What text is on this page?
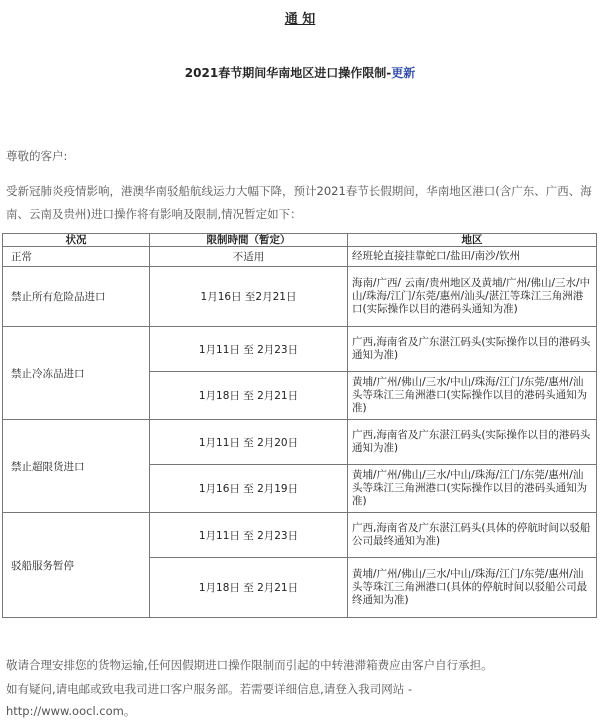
通 知
2021春节期间华南地区进口操作限制-更新
尊敬的客户:
受新冠肺炎疫情影响，港澳华南驳船航线运力大幅下降，预计2021春节长假期间，华南地区港口(含广东、广西、海南、云南及贵州)进口操作将有影响及限制,情况暂定如下：
状况	限制時間（暂定）	地区
正常	不适用	经班轮直接挂靠蛇口/盐田/南沙/钦州
禁止所有危险品进口	1月16日 至2月21日	海南/广西/ 云南/贵州地区及黄埔/广州/佛山/三水/中山/珠海/江门/东莞/惠州/汕头/湛江等珠江三角洲港口(实际操作以目的港码头通知为准)
禁止冷冻品进口	1月11日 至 2月23日	广西,海南省及广东湛江码头(实际操作以目的港码头通知为准)
	1月18日 至 2月21日	黄埔/广州/佛山/三水/中山/珠海/江门/东莞/惠州/汕头等珠江三角洲港口(实际操作以目的港码头通知为准)
禁止超限货进口	1月11日 至 2月20日	广西,海南省及广东湛江码头(实际操作以目的港码头通知为准)
	1月16日 至 2月19日	黄埔/广州/佛山/三水/中山/珠海/江门/东莞/惠州/汕头等珠江三角洲港口(实际操作以目的港码头通知为准)
驳船服务暂停	1月11日 至 2月23日	广西,海南省及广东湛江码头(具体的停航时间以驳船公司最终通知为准)
	1月18日 至 2月21日	黄埔/广州/佛山/三水/中山/珠海/江门/东莞/惠州/汕头等珠江三角洲港口(具体的停航时间以驳船公司最终通知为准)
敬请合理安排您的货物运输,任何因假期进口操作限制而引起的中转港滞箱费应由客户自行承担。
如有疑问,请电邮或致电我司进口客户服务部。若需要详细信息,请登入我司网站 -
http://www.oocl.com。
